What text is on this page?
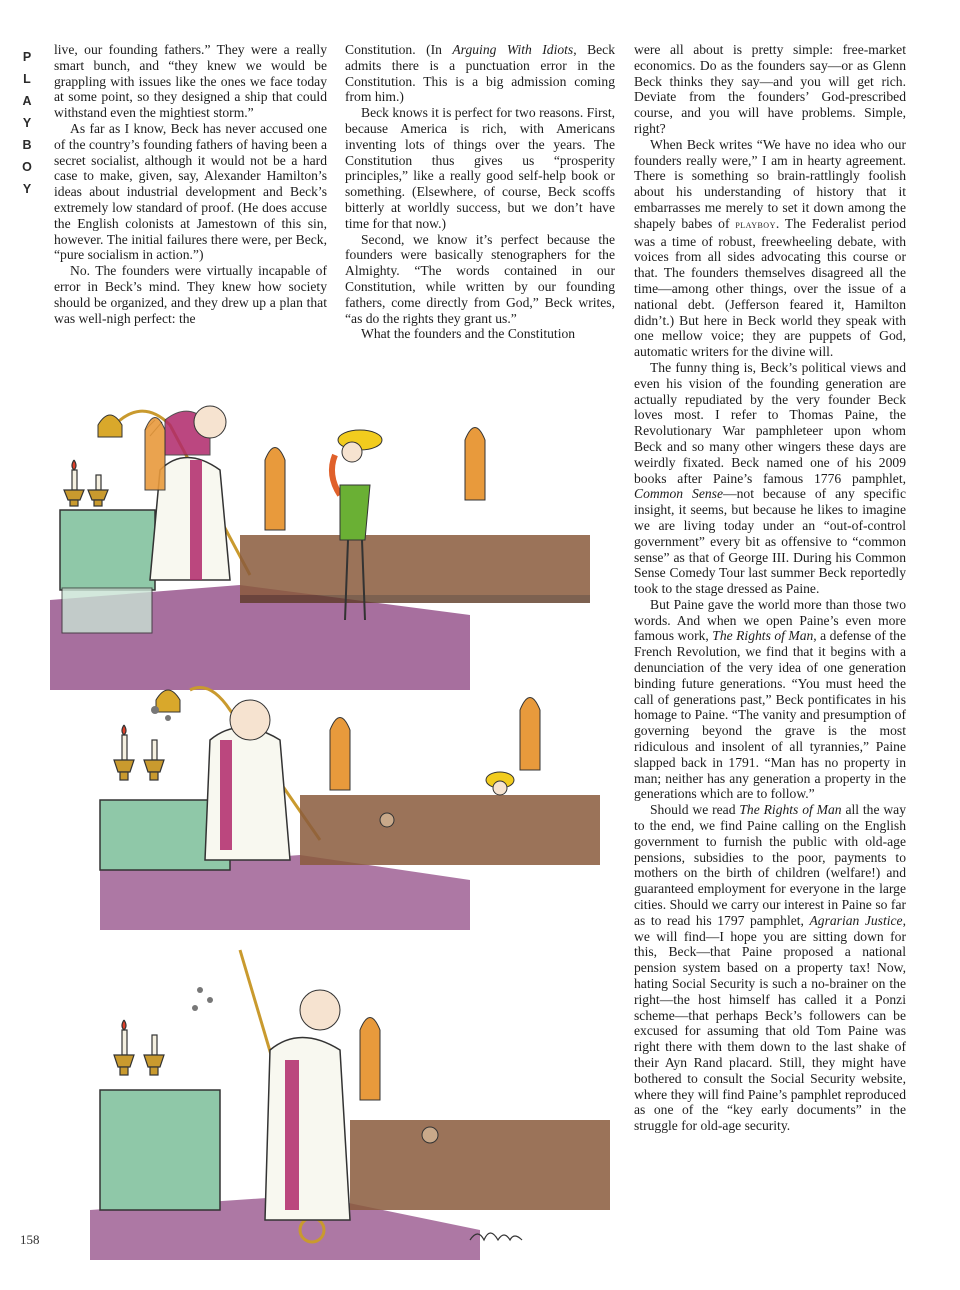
P
L
A
Y
B
O
Y

live, our founding fathers.” They were a really smart bunch, and “they knew we would be grappling with issues like the ones we face today at some point, so they designed a ship that could withstand even the mightiest storm.”

As far as I know, Beck has never accused one of the country’s founding fathers of having been a secret socialist, although it would not be a hard case to make, given, say, Alexander Hamilton’s ideas about industrial development and Beck’s extremely low standard of proof. (He does accuse the English colonists at Jamestown of this sin, however. The initial failures there were, per Beck, “pure socialism in action.”)

No. The founders were virtually incapable of error in Beck’s mind. They knew how society should be organized, and they drew up a plan that was well-nigh perfect: the

Constitution. (In Arguing With Idiots, Beck admits there is a punctuation error in the Constitution. This is a big admission coming from him.)

Beck knows it is perfect for two reasons. First, because America is rich, with Americans inventing lots of things over the years. The Constitution thus gives us “prosperity principles,” like a really good self-help book or something. (Elsewhere, of course, Beck scoffs bitterly at worldly success, but we don’t have time for that now.)

Second, we know it’s perfect because the founders were basically stenographers for the Almighty. “The words contained in our Constitution, while written by our founding fathers, come directly from God,” Beck writes, “as do the rights they grant us.”

What the founders and the Constitution

were all about is pretty simple: free-market economics. Do as the founders say—or as Glenn Beck thinks they say—and you will get rich. Deviate from the founders’ God-prescribed course, and you will have problems. Simple, right?

When Beck writes “We have no idea who our founders really were,” I am in hearty agreement. There is something so brain-rattlingly foolish about his understanding of history that it embarrasses me merely to set it down among the shapely babes of playboy. The Federalist period was a time of robust, freewheeling debate, with voices from all sides advocating this course or that. The founders themselves disagreed all the time—among other things, over the issue of a national debt. (Jefferson feared it, Hamilton didn’t.) But here in Beck world they speak with one mellow voice; they are puppets of God, automatic writers for the divine will.

The funny thing is, Beck’s political views and even his vision of the founding generation are actually repudiated by the very founder Beck loves most. I refer to Thomas Paine, the Revolutionary War pamphleteer upon whom Beck and so many other wingers these days are weirdly fixated. Beck named one of his 2009 books after Paine’s famous 1776 pamphlet, Common Sense—not because of any specific insight, it seems, but because he likes to imagine we are living today under an “out-of-control government” every bit as offensive to “common sense” as that of George III. During his Common Sense Comedy Tour last summer Beck reportedly took to the stage dressed as Paine.

But Paine gave the world more than those two words. And when we open Paine’s even more famous work, The Rights of Man, a defense of the French Revolution, we find that it begins with a denunciation of the very idea of one generation binding future generations. “You must heed the call of generations past,” Beck pontificates in his homage to Paine. “The vanity and presumption of governing beyond the grave is the most ridiculous and insolent of all tyrannies,” Paine slapped back in 1791. “Man has no property in man; neither has any generation a property in the generations which are to follow.”

Should we read The Rights of Man all the way to the end, we find Paine calling on the English government to furnish the public with old-age pensions, subsidies to the poor, payments to mothers on the birth of children (welfare!) and guaranteed employment for everyone in the large cities. Should we carry our interest in Paine so far as to read his 1797 pamphlet, Agrarian Justice, we will find—I hope you are sitting down for this, Beck—that Paine proposed a national pension system based on a property tax! Now, hating Social Security is such a no-brainer on the right—the host himself has called it a Ponzi scheme—that perhaps Beck’s followers can be excused for assuming that old Tom Paine was right there with them down to the last shake of their Ayn Rand placard. Still, they might have bothered to consult the Social Security website, where they will find Paine’s pamphlet reproduced as one of the “key early documents” in the struggle for old-age security.

158
